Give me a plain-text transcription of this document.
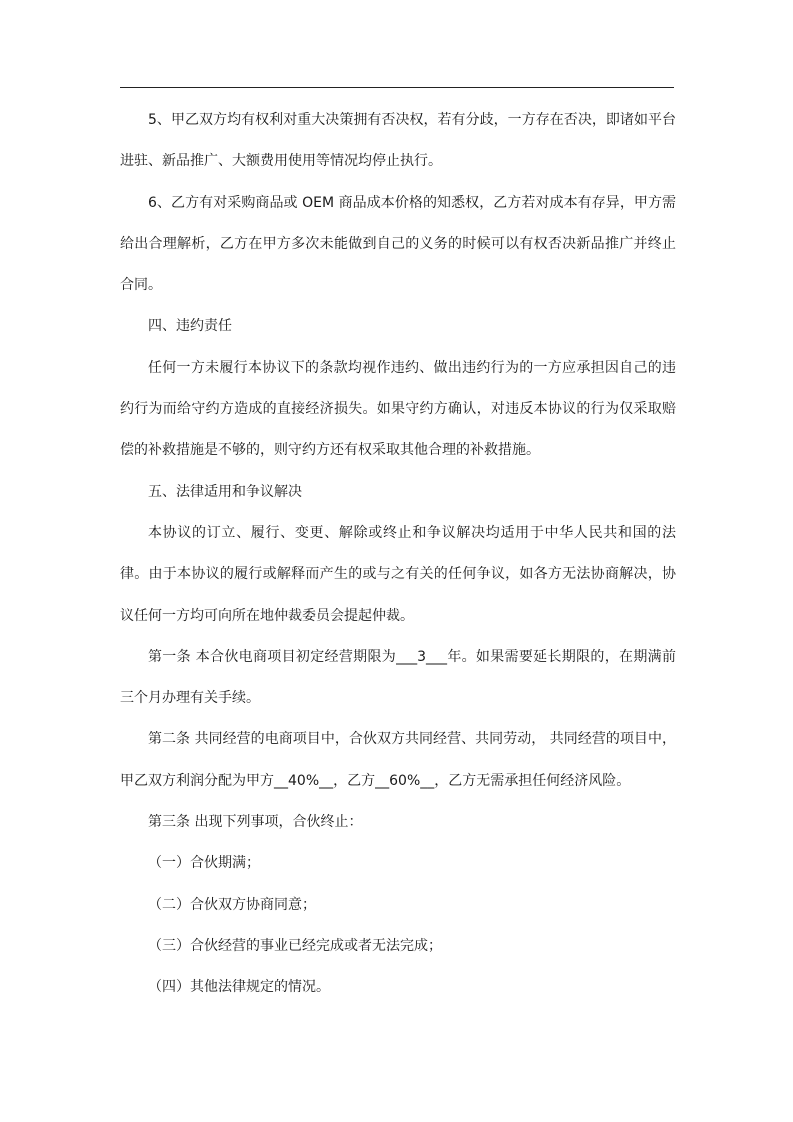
5、甲乙双方均有权利对重大决策拥有否决权，若有分歧，一方存在否决，即诸如平台进驻、新品推广、大额费用使用等情况均停止执行。

6、乙方有对采购商品或 OEM 商品成本价格的知悉权，乙方若对成本有存异，甲方需给出合理解析，乙方在甲方多次未能做到自己的义务的时候可以有权否决新品推广并终止合同。

四、违约责任

任何一方未履行本协议下的条款均视作违约、做出违约行为的一方应承担因自己的违约行为而给守约方造成的直接经济损失。如果守约方确认，对违反本协议的行为仅采取赔偿的补救措施是不够的，则守约方还有权采取其他合理的补救措施。

五、法律适用和争议解决

本协议的订立、履行、变更、解除或终止和争议解决均适用于中华人民共和国的法律。由于本协议的履行或解释而产生的或与之有关的任何争议，如各方无法协商解决，协议任何一方均可向所在地仲裁委员会提起仲裁。

第一条 本合伙电商项目初定经营期限为___3___年。如果需要延长期限的，在期满前三个月办理有关手续。

第二条 共同经营的电商项目中，合伙双方共同经营、共同劳动， 共同经营的项目中，甲乙双方利润分配为甲方__40%__，乙方__60%__，乙方无需承担任何经济风险。

第三条 出现下列事项，合伙终止：

（一）合伙期满；

（二）合伙双方协商同意；

（三）合伙经营的事业已经完成或者无法完成；

（四）其他法律规定的情况。
